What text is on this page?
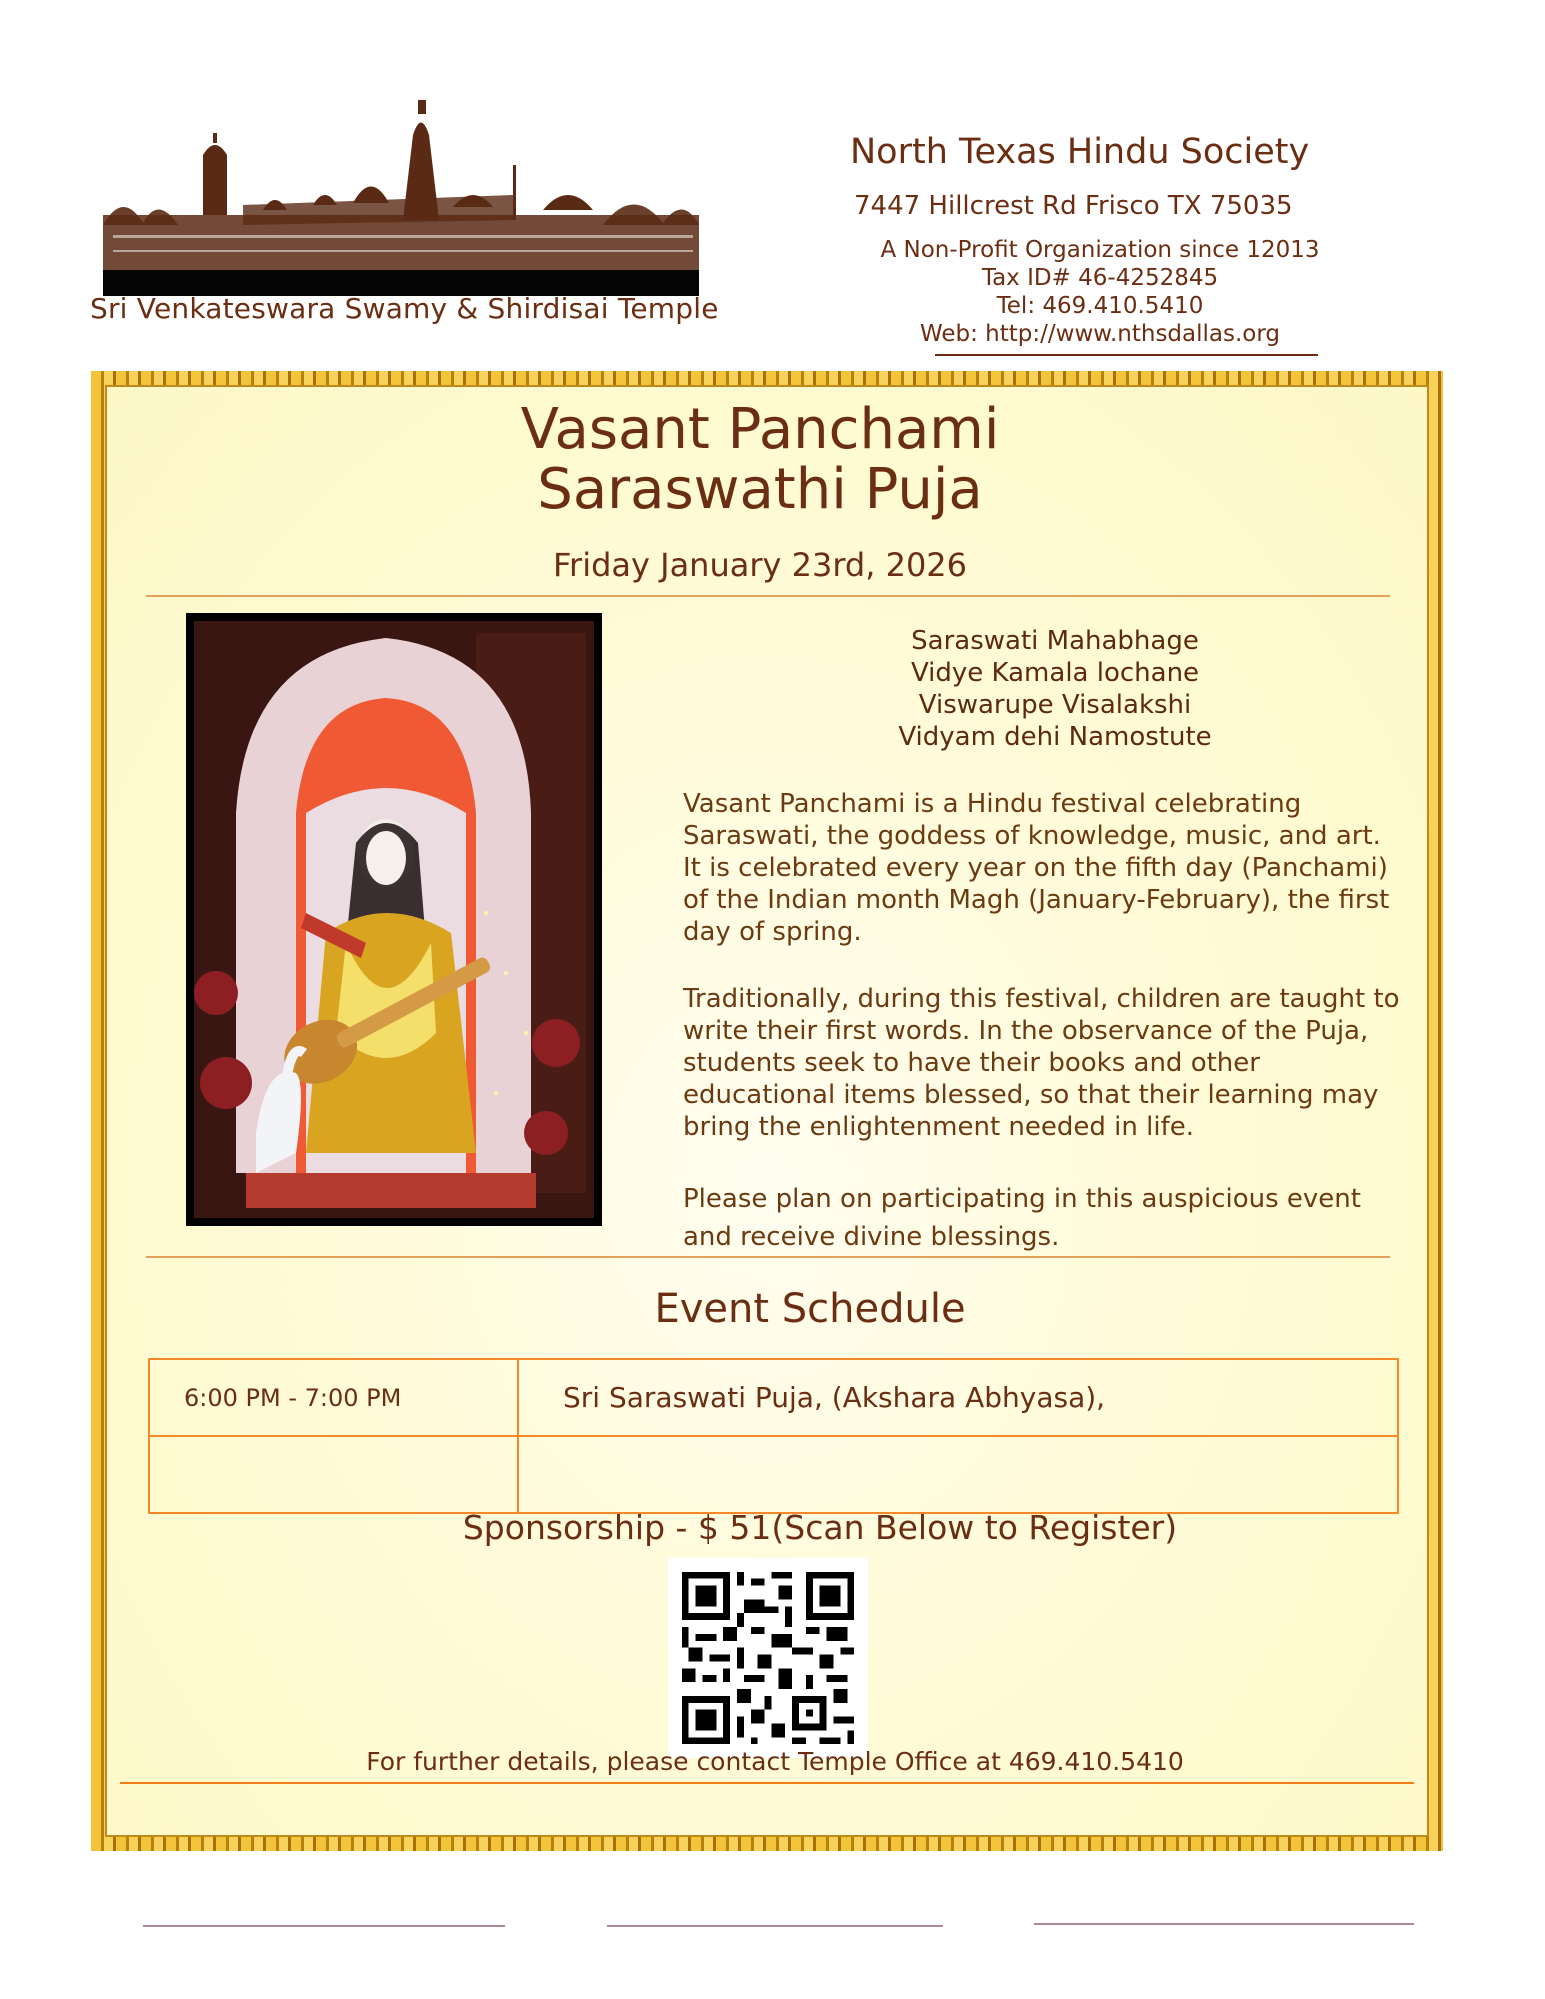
Sri Venkateswara Swamy & Shirdisai Temple
North Texas Hindu Society
7447 Hillcrest Rd Frisco TX 75035
A Non-Profit Organization since 12013
Tax ID# 46-4252845
Tel: 469.410.5410
Web: http://www.nthsdallas.org
Vasant Panchami
Saraswathi Puja
Friday January 23rd, 2026
Saraswati Mahabhage
Vidye Kamala lochane
Viswarupe Visalakshi
Vidyam dehi Namostute
Vasant Panchami is a Hindu festival celebrating Saraswati, the goddess of knowledge, music, and art. It is celebrated every year on the fifth day (Panchami) of the Indian month Magh (January-February), the first day of spring.
Traditionally, during this festival, children are taught to write their first words. In the observance of the Puja, students seek to have their books and other educational items blessed, so that their learning may bring the enlightenment needed in life.
Please plan on participating in this auspicious event and receive divine blessings.
Event Schedule
6:00 PM - 7:00 PM	Sri Saraswati Puja, (Akshara Abhyasa),

Sponsorship - $ 51(Scan Below to Register)
For further details, please contact Temple Office at 469.410.5410
